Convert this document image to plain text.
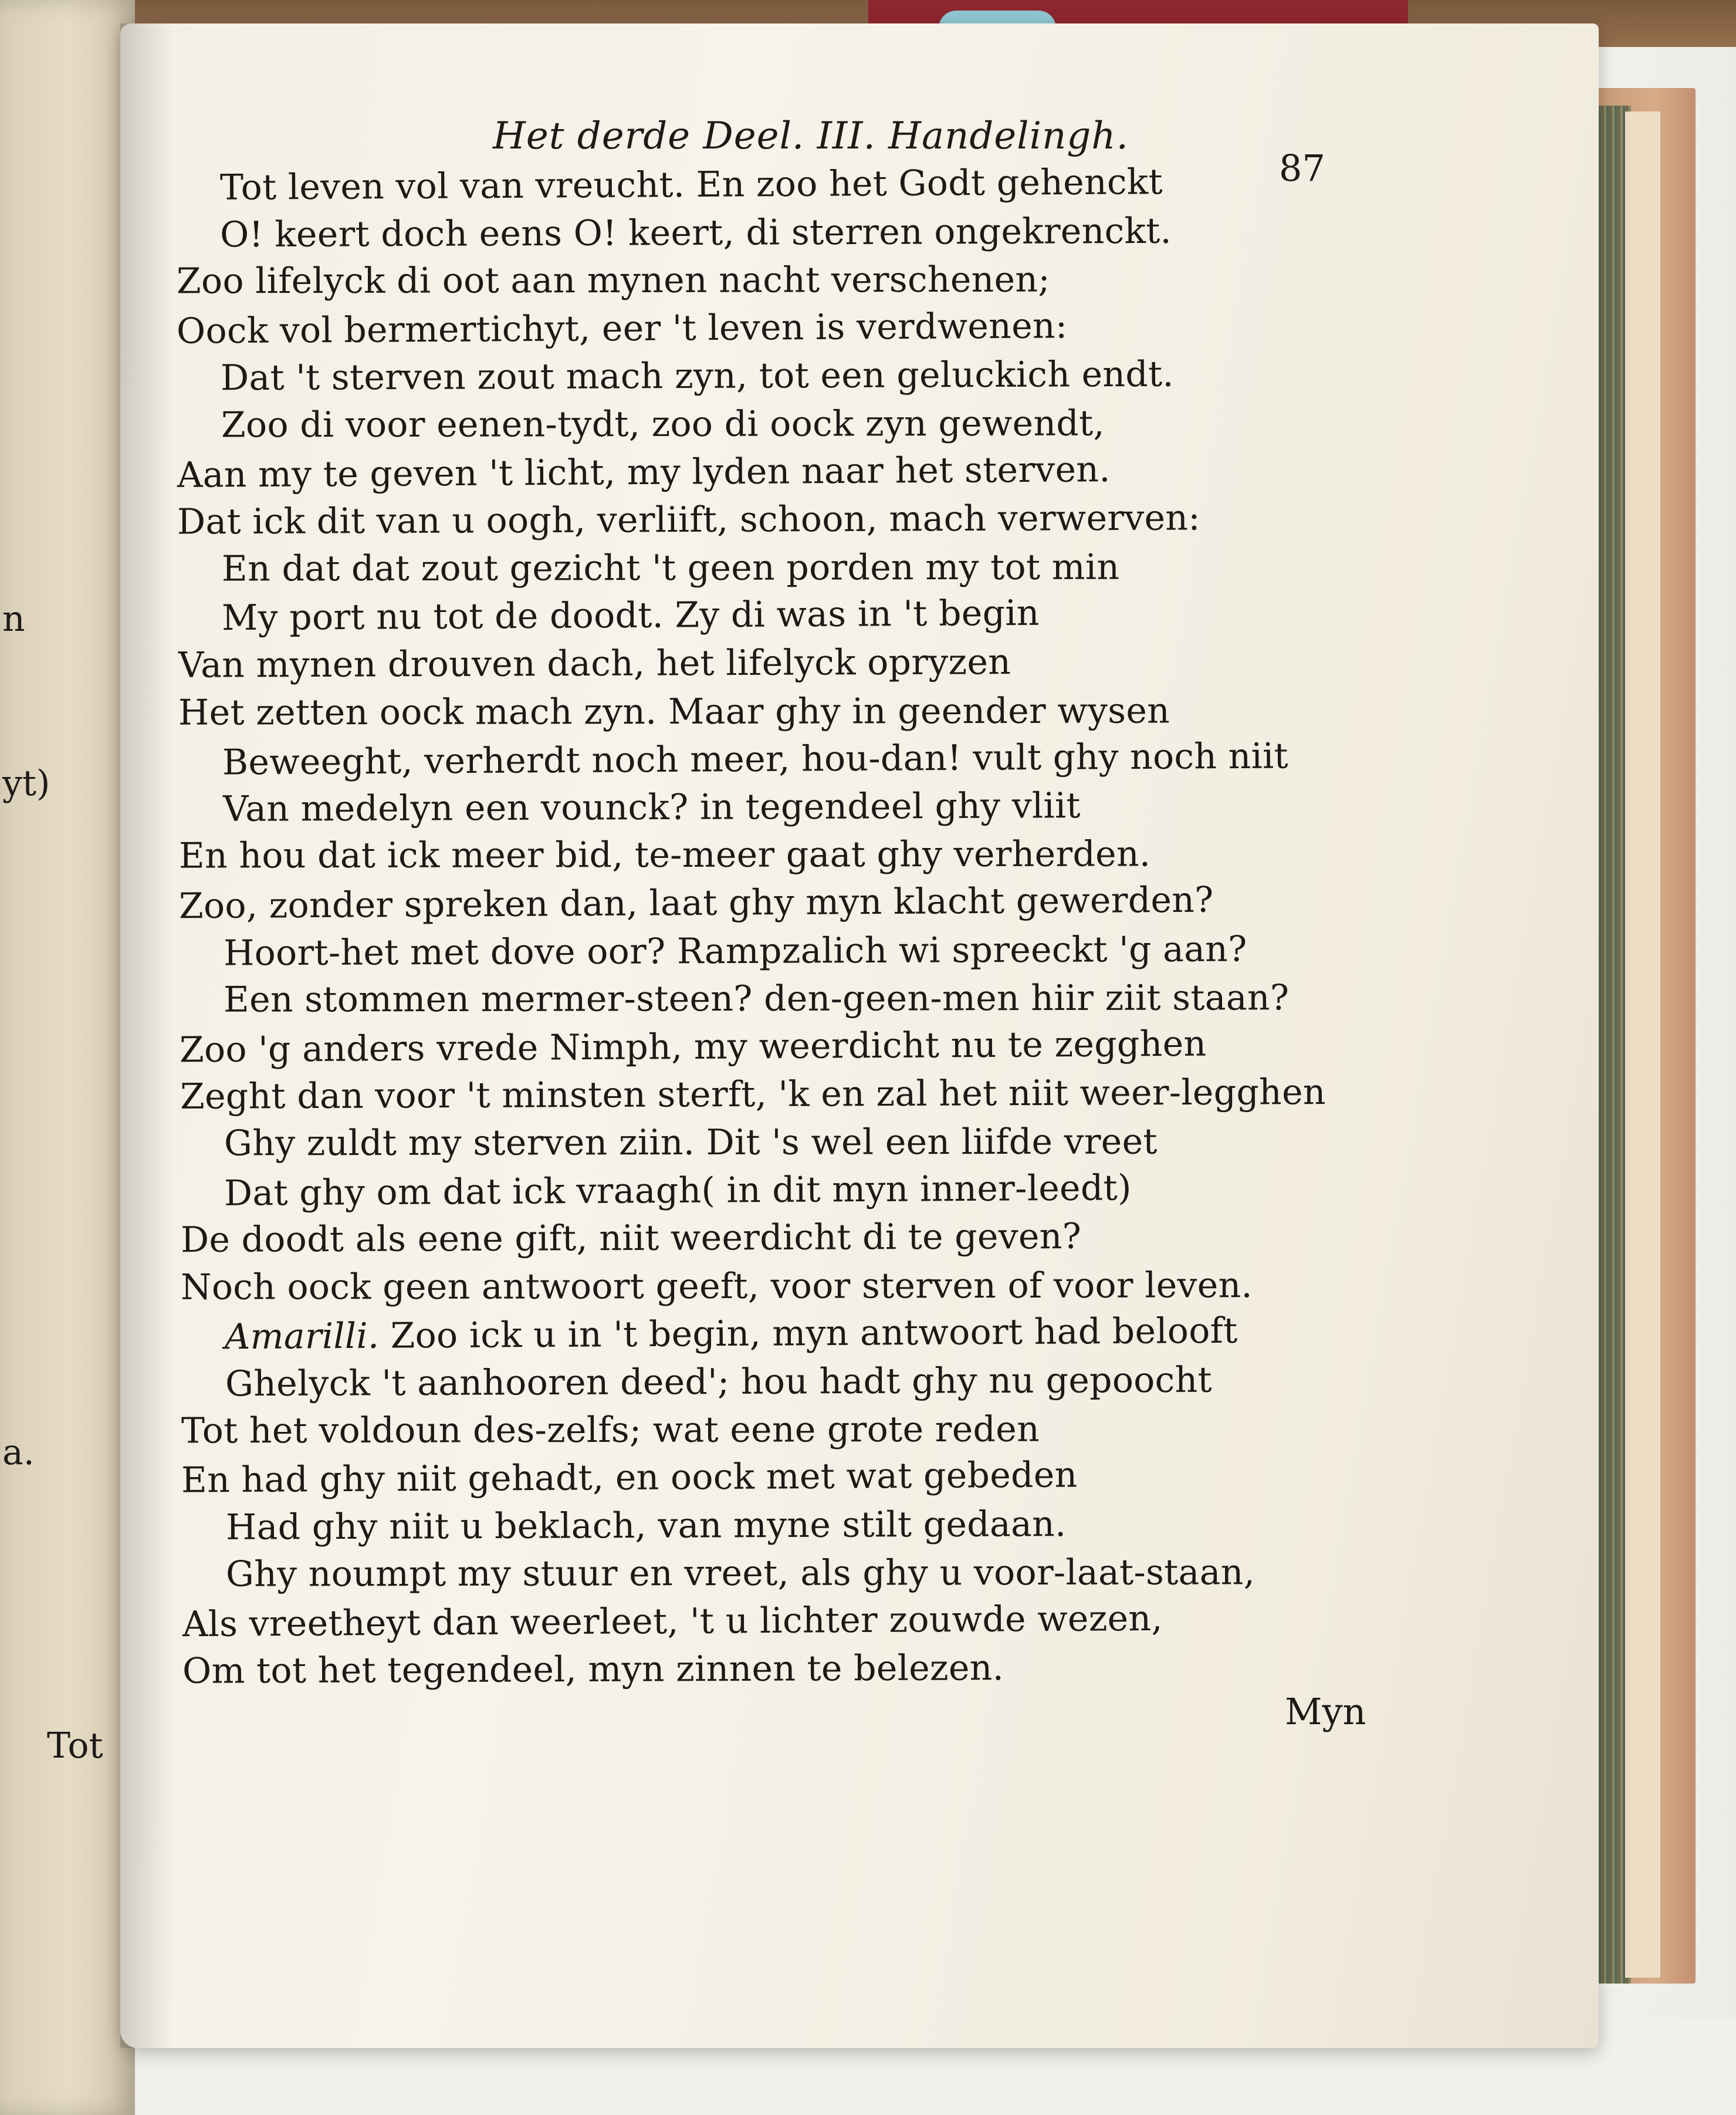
n
yt)
a.
Tot
Het derde Deel. III. Handelingh.
87
Tot leven vol van vreucht. En zoo het Godt gehenckt
O! keert doch eens O! keert, di sterren ongekrenckt.
Zoo lifelyck di oot aan mynen nacht verschenen;
Oock vol bermertichyt, eer 't leven is verdwenen:
Dat 't sterven zout mach zyn, tot een geluckich endt.
Zoo di voor eenen-tydt, zoo di oock zyn gewendt,
Aan my te geven 't licht, my lyden naar het sterven.
Dat ick dit van u oogh, verliift, schoon, mach verwerven:
En dat dat zout gezicht 't geen porden my tot min
My port nu tot de doodt. Zy di was in 't begin
Van mynen drouven dach, het lifelyck opryzen
Het zetten oock mach zyn. Maar ghy in geender wysen
Beweeght, verherdt noch meer, hou-dan! vult ghy noch niit
Van medelyn een vounck? in tegendeel ghy vliit
En hou dat ick meer bid, te-meer gaat ghy verherden.
Zoo, zonder spreken dan, laat ghy myn klacht gewerden?
Hoort-het met dove oor? Rampzalich wi spreeckt 'g aan?
Een stommen mermer-steen? den-geen-men hiir ziit staan?
Zoo 'g anders vrede Nimph, my weerdicht nu te zegghen
Zeght dan voor 't minsten sterft, 'k en zal het niit weer-legghen
Ghy zuldt my sterven ziin. Dit 's wel een liifde vreet
Dat ghy om dat ick vraagh( in dit myn inner-leedt)
De doodt als eene gift, niit weerdicht di te geven?
Noch oock geen antwoort geeft, voor sterven of voor leven.
Amarilli. Zoo ick u in 't begin, myn antwoort had belooft
Ghelyck 't aanhooren deed'; hou hadt ghy nu gepoocht
Tot het voldoun des-zelfs; wat eene grote reden
En had ghy niit gehadt, en oock met wat gebeden
Had ghy niit u beklach, van myne stilt gedaan.
Ghy noumpt my stuur en vreet, als ghy u voor-laat-staan,
Als vreetheyt dan weerleet, 't u lichter zouwde wezen,
Om tot het tegendeel, myn zinnen te belezen.
Myn
